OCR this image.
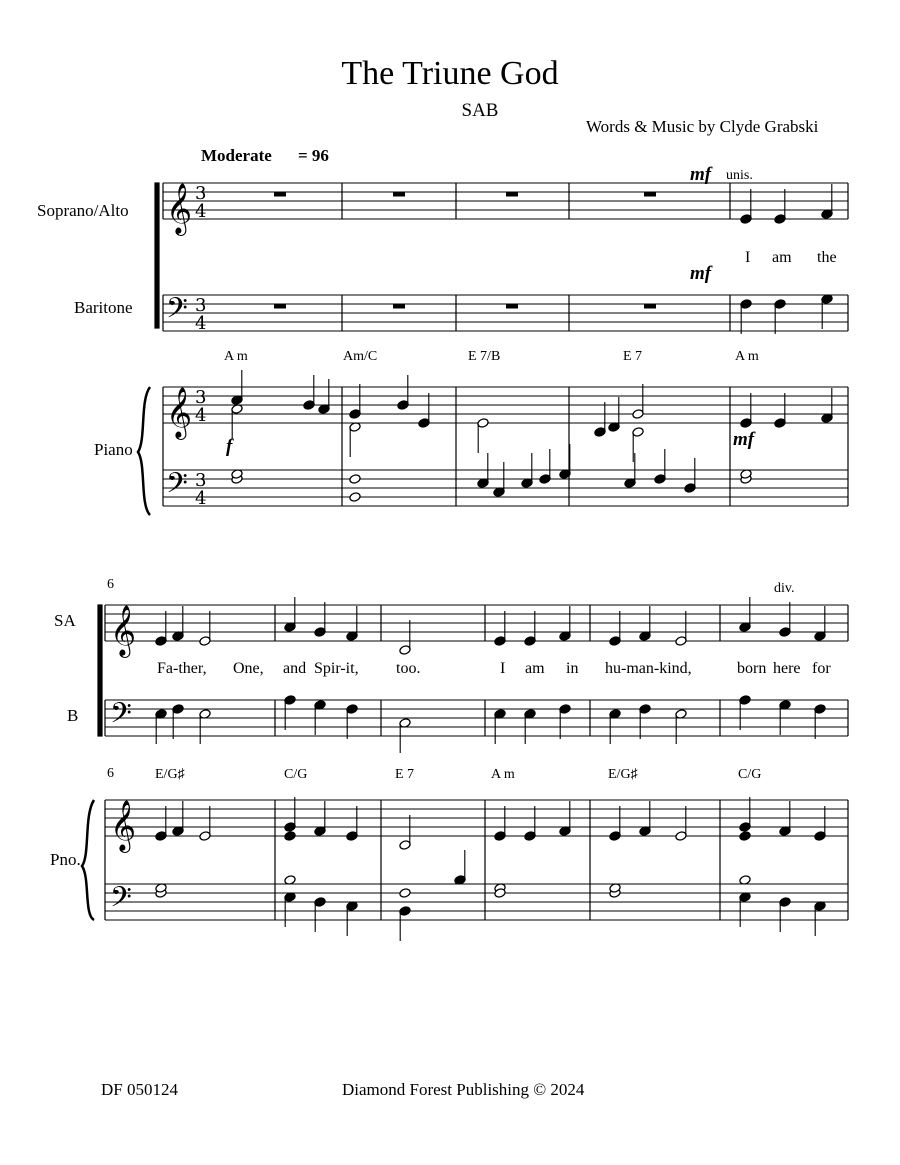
The Triune God
SAB
Words & Music by Clyde Grabski
Moderate = 96
Soprano/Alto
Baritone
Piano
mf unis.
mf
f	mf
A m	Am/C	E 7/B	E 7	A m
I am the
SA
B
Pno.
6
6
div.
E/G♯	C/G	E 7	A m	E/G♯	C/G
Fa-ther, One, and Spir-it, too.	I am in hu-man-kind,	born here for
DF 050124	Diamond Forest Publishing © 2024
𝄞 3
4
𝄢 3
4
𝄞 3
4
𝄢 3
4
𝄞
𝄢
𝄞
𝄢
